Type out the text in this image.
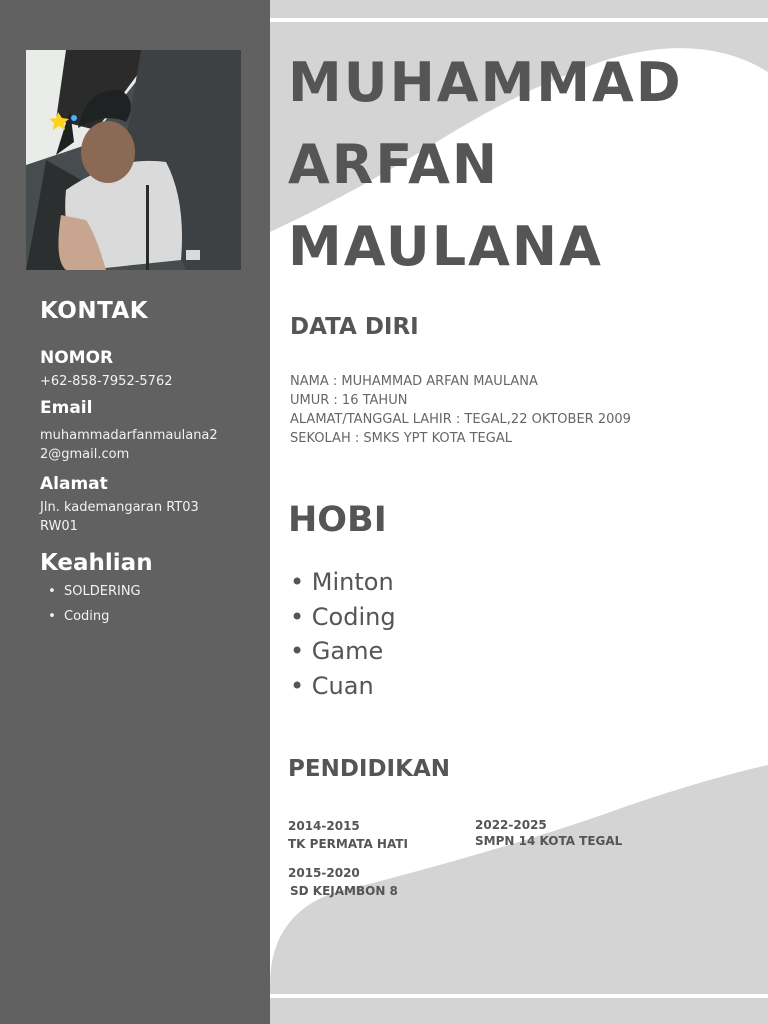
KONTAK
NOMOR
+62-858-7952-5762
Email
muhammadarfanmaulana2
2@gmail.com
Alamat
Jln. kademangaran RT03
RW01
Keahlian
• SOLDERING
• Coding
MUHAMMAD
ARFAN
MAULANA
DATA DIRI
NAMA : MUHAMMAD ARFAN MAULANA
UMUR : 16 TAHUN
ALAMAT/TANGGAL LAHIR : TEGAL,22 OKTOBER 2009
SEKOLAH : SMKS YPT KOTA TEGAL
HOBI
• Minton
• Coding
• Game
• Cuan
PENDIDIKAN
2014-2015
TK PERMATA HATI
2015-2020
SD KEJAMBON 8
2022-2025
SMPN 14 KOTA TEGAL
